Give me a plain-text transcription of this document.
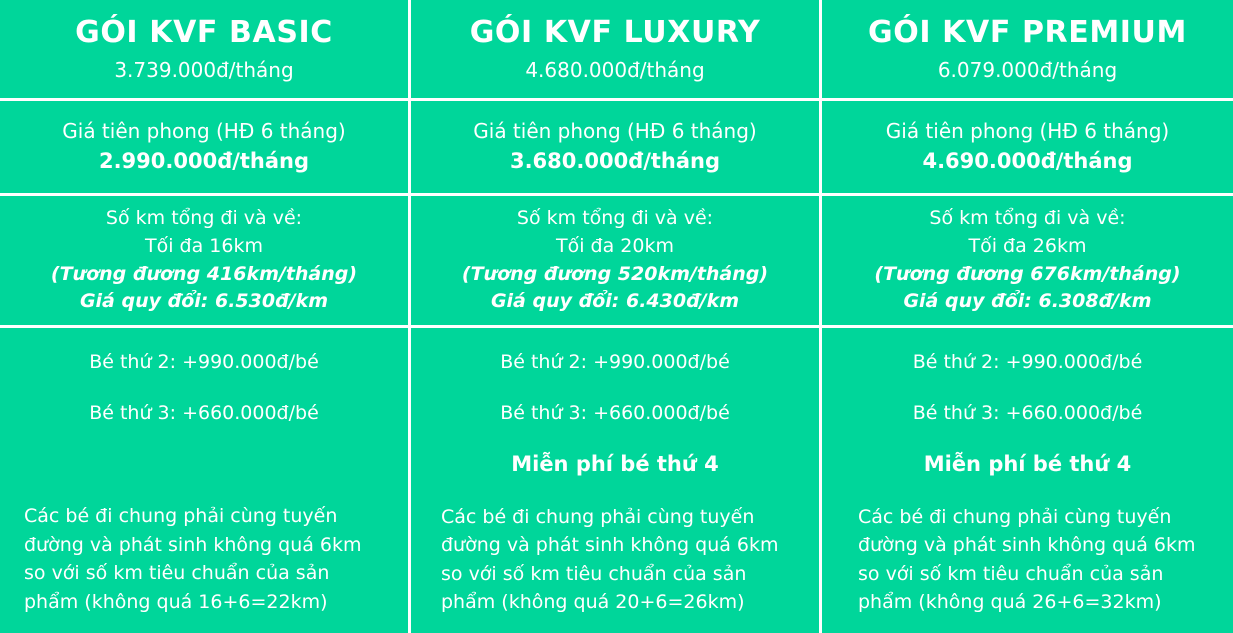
GÓI KVF BASIC
3.739.000đ/tháng
GÓI KVF LUXURY
4.680.000đ/tháng
GÓI KVF PREMIUM
6.079.000đ/tháng
Giá tiên phong (HĐ 6 tháng)
2.990.000đ/tháng
Giá tiên phong (HĐ 6 tháng)
3.680.000đ/tháng
Giá tiên phong (HĐ 6 tháng)
4.690.000đ/tháng
Số km tổng đi và về:
Tối đa 16km
(Tương đương 416km/tháng)
Giá quy đổi: 6.530đ/km
Số km tổng đi và về:
Tối đa 20km
(Tương đương 520km/tháng)
Giá quy đổi: 6.430đ/km
Số km tổng đi và về:
Tối đa 26km
(Tương đương 676km/tháng)
Giá quy đổi: 6.308đ/km
Bé thứ 2: +990.000đ/bé
Bé thứ 3: +660.000đ/bé
Các bé đi chung phải cùng tuyến đường và phát sinh không quá 6km so với số km tiêu chuẩn của sản phẩm (không quá 16+6=22km)
Bé thứ 2: +990.000đ/bé
Bé thứ 3: +660.000đ/bé
Miễn phí bé thứ 4
Các bé đi chung phải cùng tuyến đường và phát sinh không quá 6km so với số km tiêu chuẩn của sản phẩm (không quá 20+6=26km)
Bé thứ 2: +990.000đ/bé
Bé thứ 3: +660.000đ/bé
Miễn phí bé thứ 4
Các bé đi chung phải cùng tuyến đường và phát sinh không quá 6km so với số km tiêu chuẩn của sản phẩm (không quá 26+6=32km)
